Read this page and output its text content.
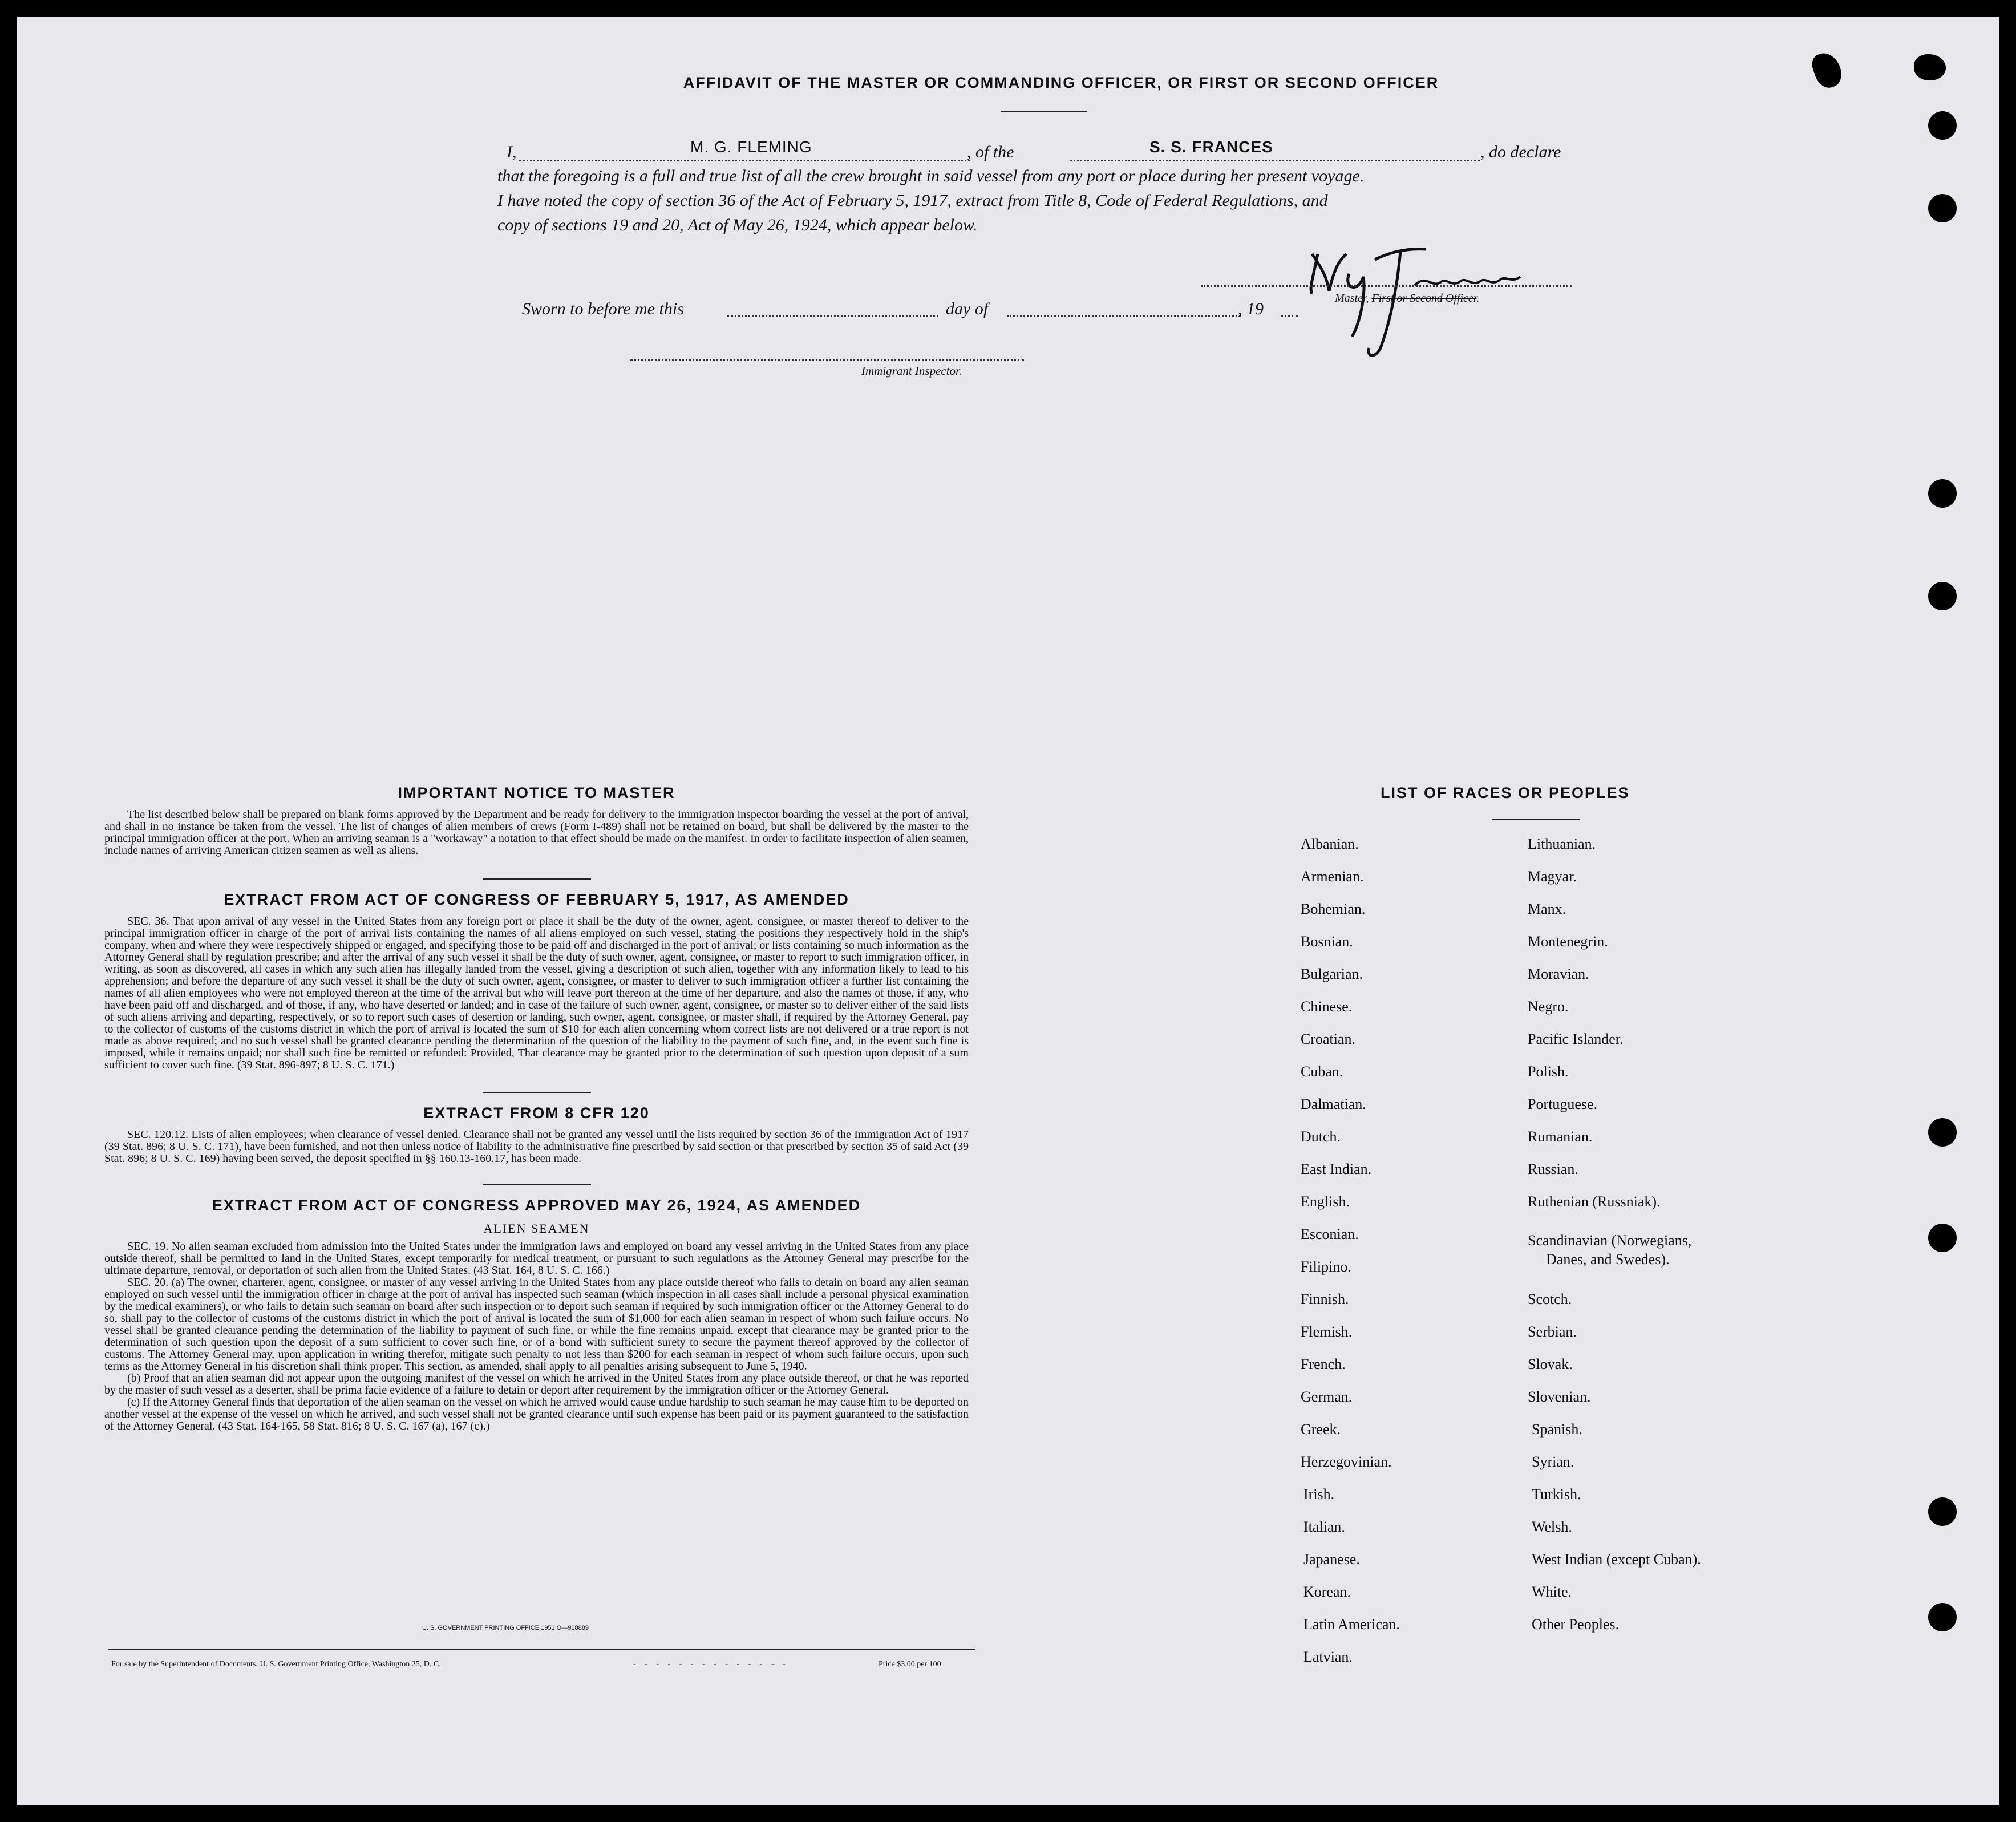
AFFIDAVIT OF THE MASTER OR COMMANDING OFFICER, OR FIRST OR SECOND OFFICER
I,	M. G. FLEMING	, of the	S. S. FRANCES	, do declare
that the foregoing is a full and true list of all the crew brought in said vessel from any port or place during her present voyage.
I have noted the copy of section 36 of the Act of February 5, 1917, extract from Title 8, Code of Federal Regulations, and
copy of sections 19 and 20, Act of May 26, 1924, which appear below.
Master, First or Second Officer.
Sworn to before me this	day of	, 19
Immigrant Inspector.
IMPORTANT NOTICE TO MASTER
The list described below shall be prepared on blank forms approved by the Department and be ready for delivery to the immigration inspector boarding the vessel at the port of arrival, and shall in no instance be taken from the vessel. The list of changes of alien members of crews (Form I-489) shall not be retained on board, but shall be delivered by the master to the principal immigration officer at the port. When an arriving seaman is a "workaway" a notation to that effect should be made on the manifest. In order to facilitate inspection of alien seamen, include names of arriving American citizen seamen as well as aliens.
EXTRACT FROM ACT OF CONGRESS OF FEBRUARY 5, 1917, AS AMENDED
SEC. 36. That upon arrival of any vessel in the United States from any foreign port or place it shall be the duty of the owner, agent, consignee, or master thereof to deliver to the principal immigration officer in charge of the port of arrival lists containing the names of all aliens employed on such vessel, stating the positions they respectively hold in the ship's company, when and where they were respectively shipped or engaged, and specifying those to be paid off and discharged in the port of arrival; or lists containing so much information as the Attorney General shall by regulation prescribe; and after the arrival of any such vessel it shall be the duty of such owner, agent, consignee, or master to report to such immigration officer, in writing, as soon as discovered, all cases in which any such alien has illegally landed from the vessel, giving a description of such alien, together with any information likely to lead to his apprehension; and before the departure of any such vessel it shall be the duty of such owner, agent, consignee, or master to deliver to such immigration officer a further list containing the names of all alien employees who were not employed thereon at the time of the arrival but who will leave port thereon at the time of her departure, and also the names of those, if any, who have been paid off and discharged, and of those, if any, who have deserted or landed; and in case of the failure of such owner, agent, consignee, or master so to deliver either of the said lists of such aliens arriving and departing, respectively, or so to report such cases of desertion or landing, such owner, agent, consignee, or master shall, if required by the Attorney General, pay to the collector of customs of the customs district in which the port of arrival is located the sum of $10 for each alien concerning whom correct lists are not delivered or a true report is not made as above required; and no such vessel shall be granted clearance pending the determination of the question of the liability to the payment of such fine, and, in the event such fine is imposed, while it remains unpaid; nor shall such fine be remitted or refunded: Provided, That clearance may be granted prior to the determination of such question upon deposit of a sum sufficient to cover such fine. (39 Stat. 896-897; 8 U. S. C. 171.)
EXTRACT FROM 8 CFR 120
SEC. 120.12. Lists of alien employees; when clearance of vessel denied. Clearance shall not be granted any vessel until the lists required by section 36 of the Immigration Act of 1917 (39 Stat. 896; 8 U. S. C. 171), have been furnished, and not then unless notice of liability to the administrative fine prescribed by said section or that prescribed by section 35 of said Act (39 Stat. 896; 8 U. S. C. 169) having been served, the deposit specified in §§ 160.13-160.17, has been made.
EXTRACT FROM ACT OF CONGRESS APPROVED MAY 26, 1924, AS AMENDED
ALIEN SEAMEN
SEC. 19. No alien seaman excluded from admission into the United States under the immigration laws and employed on board any vessel arriving in the United States from any place outside thereof, shall be permitted to land in the United States, except temporarily for medical treatment, or pursuant to such regulations as the Attorney General may prescribe for the ultimate departure, removal, or deportation of such alien from the United States. (43 Stat. 164, 8 U. S. C. 166.)
SEC. 20. (a) The owner, charterer, agent, consignee, or master of any vessel arriving in the United States from any place outside thereof who fails to detain on board any alien seaman employed on such vessel until the immigration officer in charge at the port of arrival has inspected such seaman (which inspection in all cases shall include a personal physical examination by the medical examiners), or who fails to detain such seaman on board after such inspection or to deport such seaman if required by such immigration officer or the Attorney General to do so, shall pay to the collector of customs of the customs district in which the port of arrival is located the sum of $1,000 for each alien seaman in respect of whom such failure occurs. No vessel shall be granted clearance pending the determination of the liability to payment of such fine, or while the fine remains unpaid, except that clearance may be granted prior to the determination of such question upon the deposit of a sum sufficient to cover such fine, or of a bond with sufficient surety to secure the payment thereof approved by the collector of customs. The Attorney General may, upon application in writing therefor, mitigate such penalty to not less than $200 for each seaman in respect of whom such failure occurs, upon such terms as the Attorney General in his discretion shall think proper. This section, as amended, shall apply to all penalties arising subsequent to June 5, 1940.
(b) Proof that an alien seaman did not appear upon the outgoing manifest of the vessel on which he arrived in the United States from any place outside thereof, or that he was reported by the master of such vessel as a deserter, shall be prima facie evidence of a failure to detain or deport after requirement by the immigration officer or the Attorney General.
(c) If the Attorney General finds that deportation of the alien seaman on the vessel on which he arrived would cause undue hardship to such seaman he may cause him to be deported on another vessel at the expense of the vessel on which he arrived, and such vessel shall not be granted clearance until such expense has been paid or its payment guaranteed to the satisfaction of the Attorney General. (43 Stat. 164-165, 58 Stat. 816; 8 U. S. C. 167 (a), 167 (c).)
U. S. GOVERNMENT PRINTING OFFICE 1951 O—918889
For sale by the Superintendent of Documents, U. S. Government Printing Office, Washington 25, D. C.	- - - - - - - - - - - - - -	Price $3.00 per 100
LIST OF RACES OR PEOPLES
Albanian.
Armenian.
Bohemian.
Bosnian.
Bulgarian.
Chinese.
Croatian.
Cuban.
Dalmatian.
Dutch.
East Indian.
English.
Esconian.
Filipino.
Finnish.
Flemish.
French.
German.
Greek.
Herzegovinian.
Irish.
Italian.
Japanese.
Korean.
Latin American.
Latvian.
Lithuanian.
Magyar.
Manx.
Montenegrin.
Moravian.
Negro.
Pacific Islander.
Polish.
Portuguese.
Rumanian.
Russian.
Ruthenian (Russniak).
Scandinavian (Norwegians,
Danes, and Swedes).
Scotch.
Serbian.
Slovak.
Slovenian.
Spanish.
Syrian.
Turkish.
Welsh.
West Indian (except Cuban).
White.
Other Peoples.
